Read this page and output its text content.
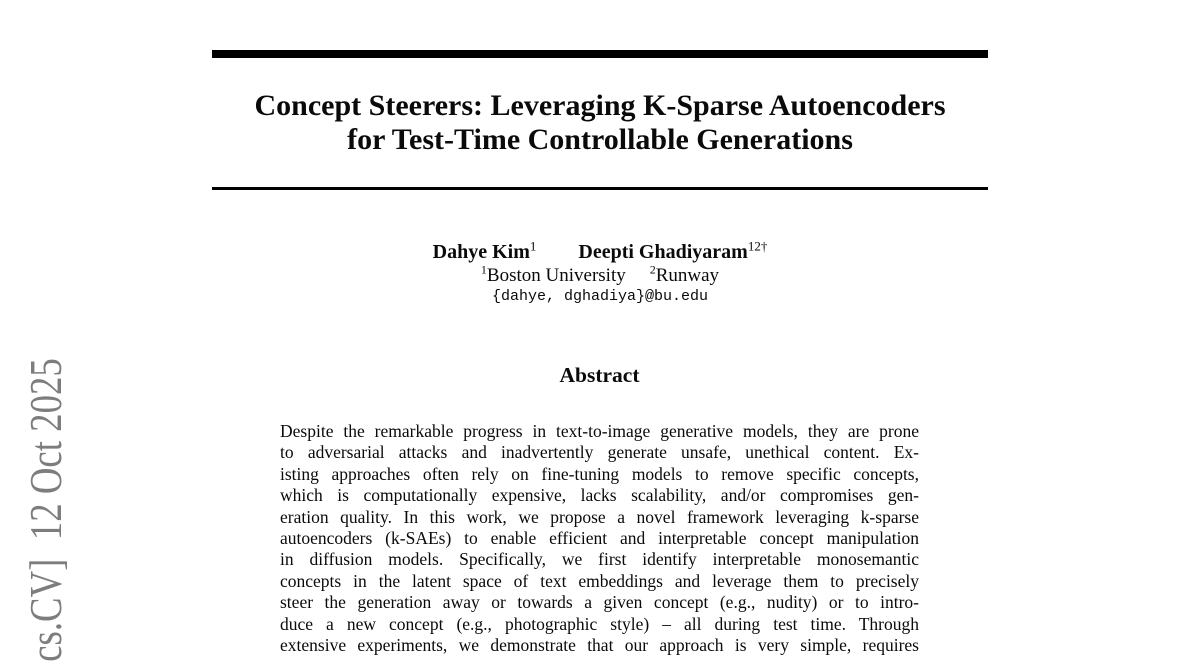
cs.CV]  12 Oct 2025
Concept Steerers: Leveraging K-Sparse Autoencoders
for Test-Time Controllable Generations
Dahye Kim$^1$ Deepti Ghadiyaram$^{12\dagger}$
$^1$Boston University $^2$Runway
{dahye, dghadiya}@bu.edu
Abstract
Despite the remarkable progress in text-to-image generative models, they are prone
to adversarial attacks and inadvertently generate unsafe, unethical content. Ex-
isting approaches often rely on fine-tuning models to remove specific concepts,
which is computationally expensive, lacks scalability, and/or compromises gen-
eration quality. In this work, we propose a novel framework leveraging k-sparse
autoencoders (k-SAEs) to enable efficient and interpretable concept manipulation
in diffusion models. Specifically, we first identify interpretable monosemantic
concepts in the latent space of text embeddings and leverage them to precisely
steer the generation away or towards a given concept (e.g., nudity) or to intro-
duce a new concept (e.g., photographic style) – all during test time. Through
extensive experiments, we demonstrate that our approach is very simple, requires
